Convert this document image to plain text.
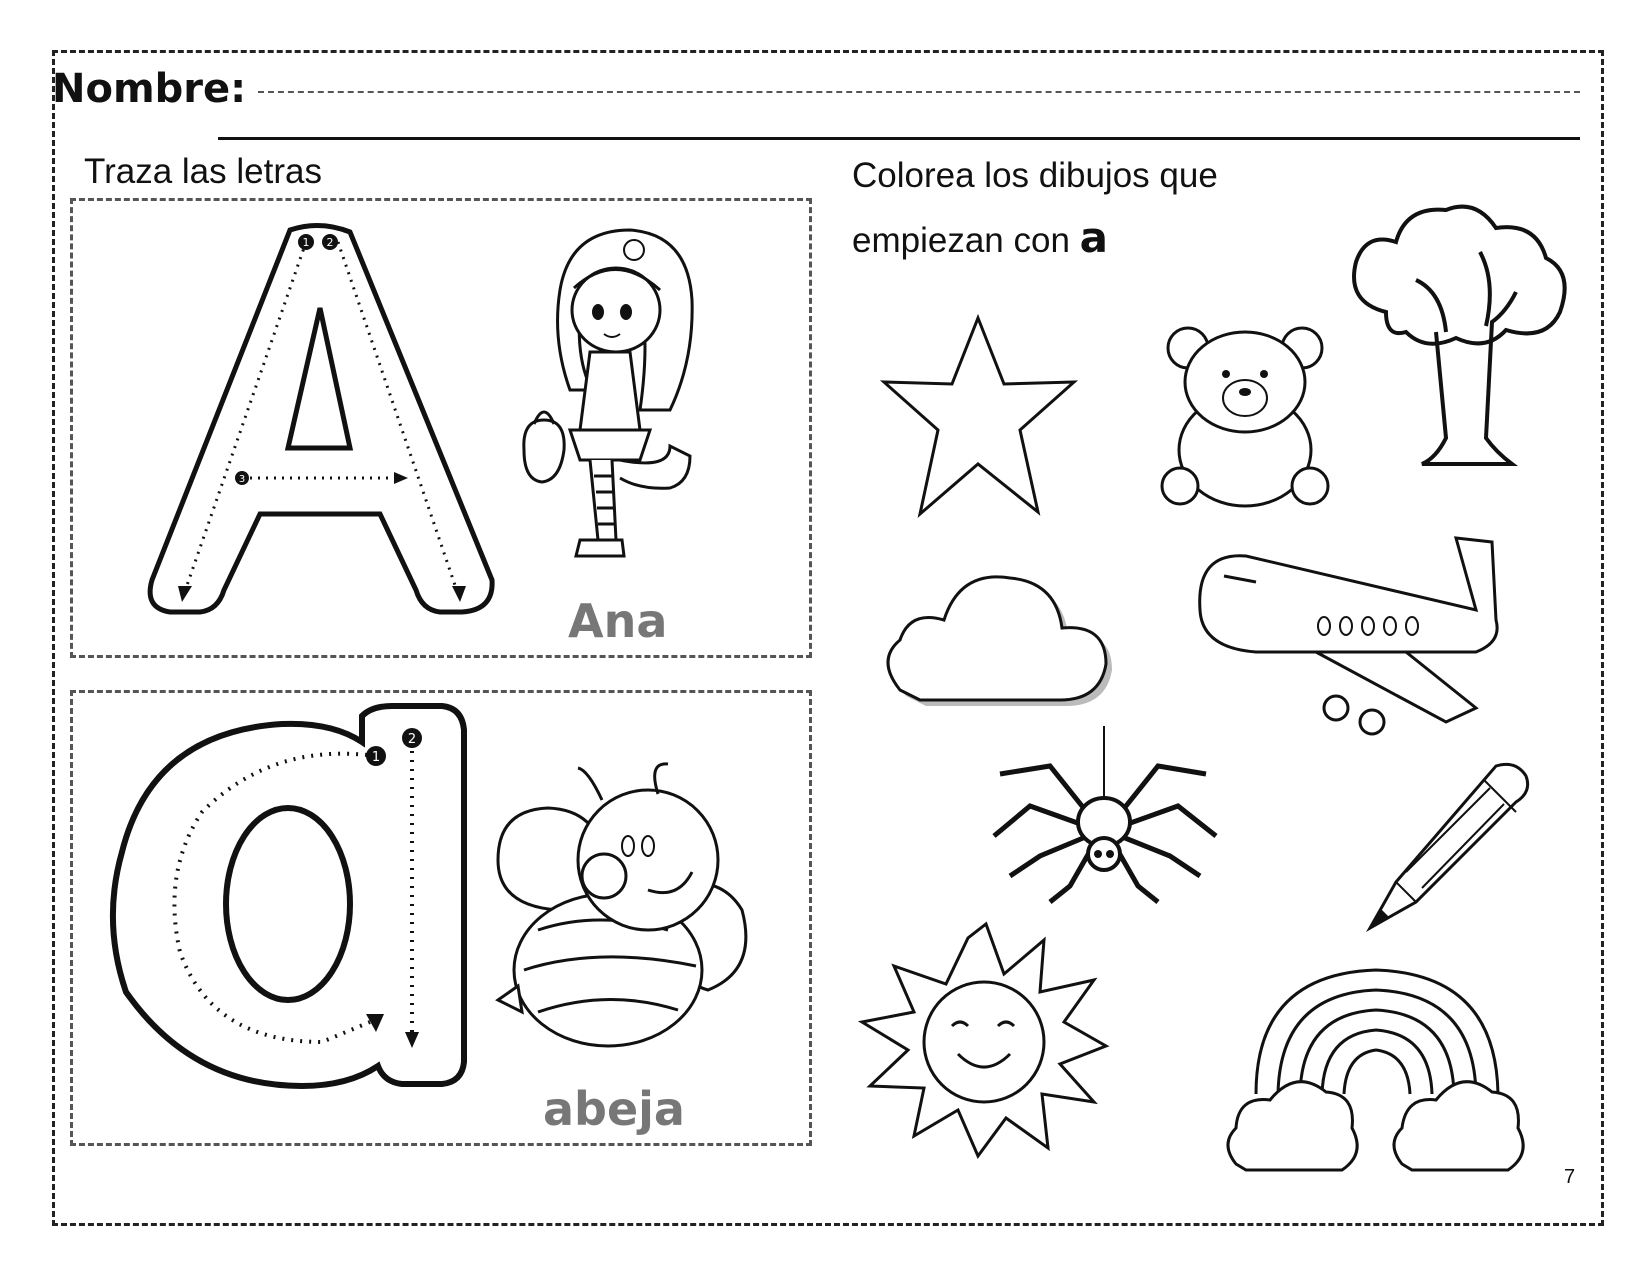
Nombre:
Traza las letras	Colorea los dibujos que
empiezan con a
1 2
3
Ana
1
2
abeja
7
